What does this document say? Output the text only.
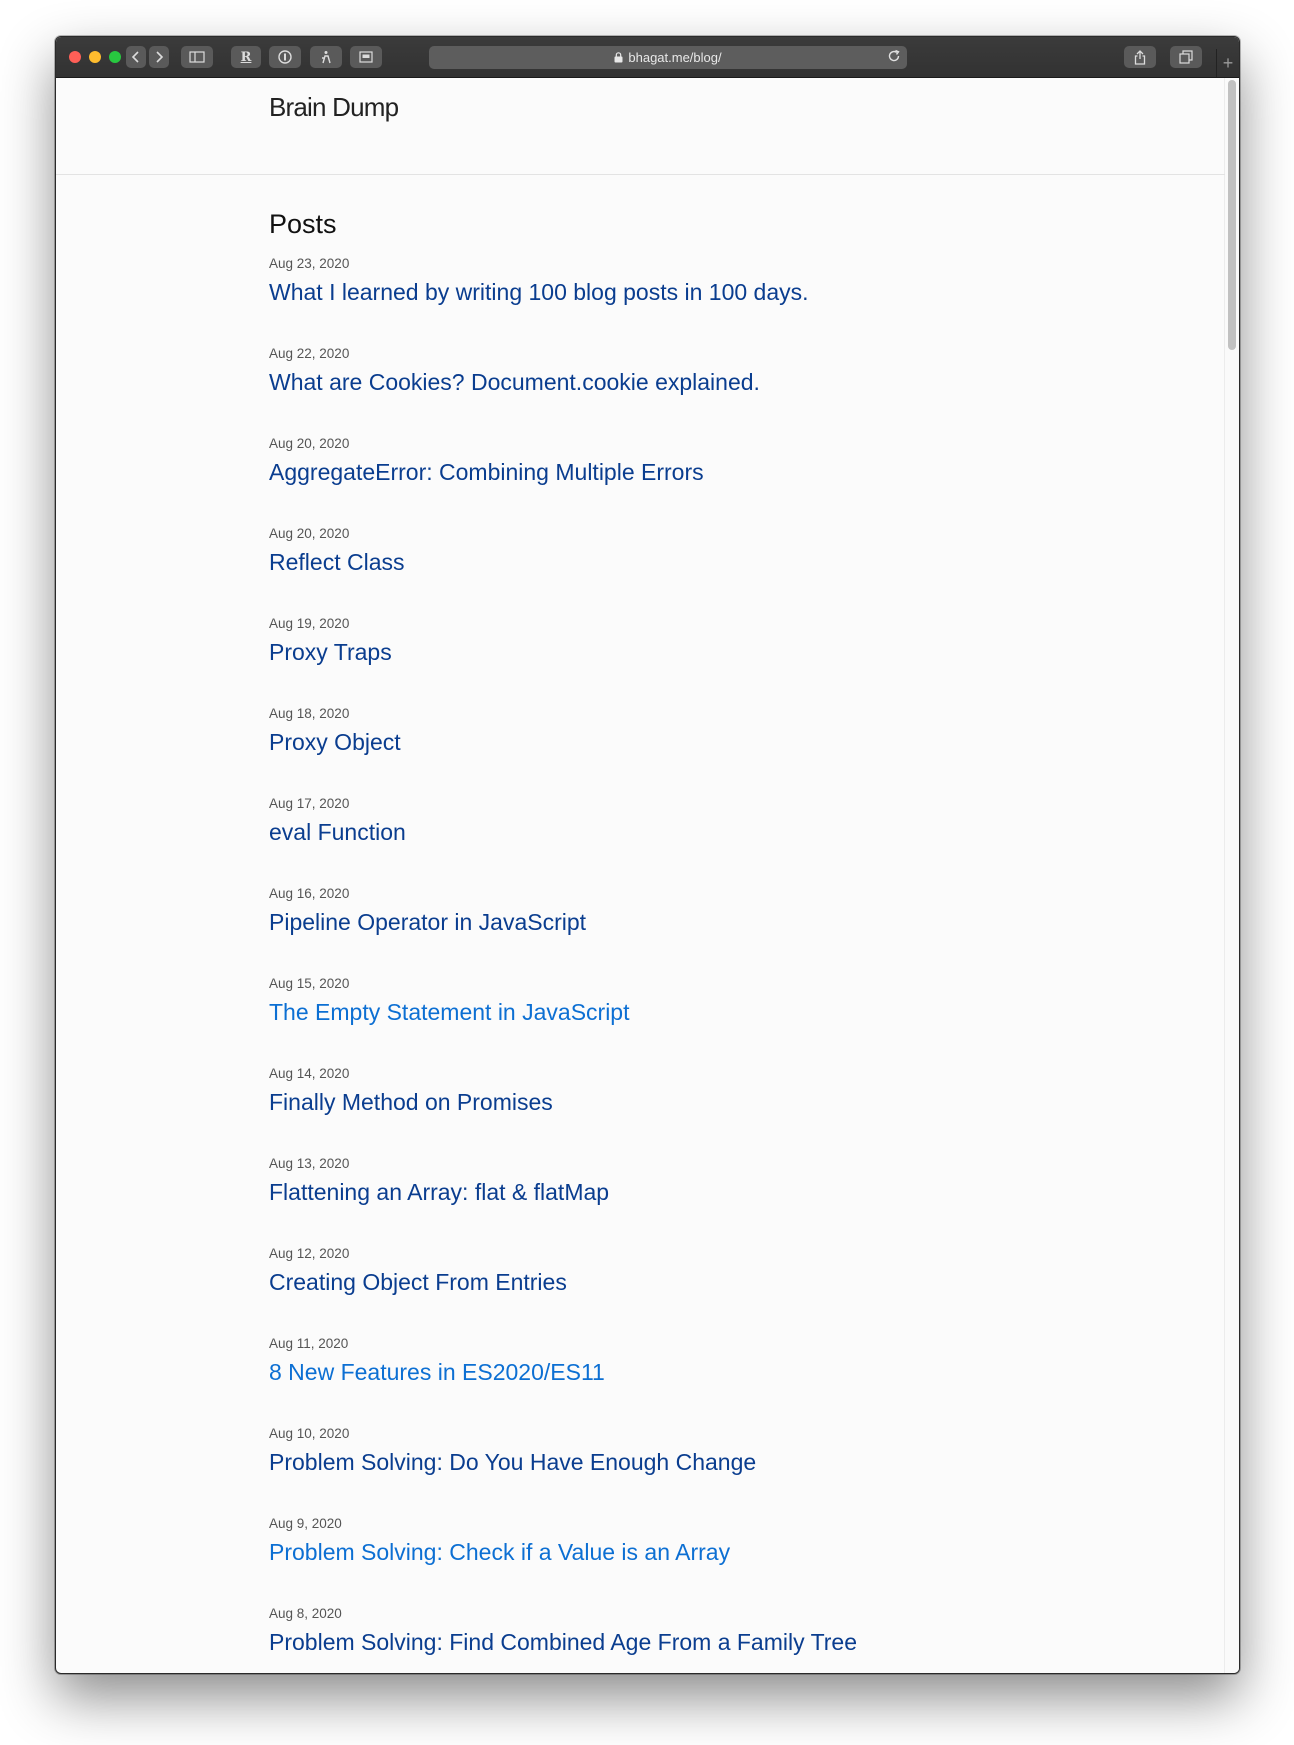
R	bhagat.me/blog/	+
Brain Dump
Posts
Aug 23, 2020
What I learned by writing 100 blog posts in 100 days.
Aug 22, 2020
What are Cookies? Document.cookie explained.
Aug 20, 2020
AggregateError: Combining Multiple Errors
Aug 20, 2020
Reflect Class
Aug 19, 2020
Proxy Traps
Aug 18, 2020
Proxy Object
Aug 17, 2020
eval Function
Aug 16, 2020
Pipeline Operator in JavaScript
Aug 15, 2020
The Empty Statement in JavaScript
Aug 14, 2020
Finally Method on Promises
Aug 13, 2020
Flattening an Array: flat & flatMap
Aug 12, 2020
Creating Object From Entries
Aug 11, 2020
8 New Features in ES2020/ES11
Aug 10, 2020
Problem Solving: Do You Have Enough Change
Aug 9, 2020
Problem Solving: Check if a Value is an Array
Aug 8, 2020
Problem Solving: Find Combined Age From a Family Tree
